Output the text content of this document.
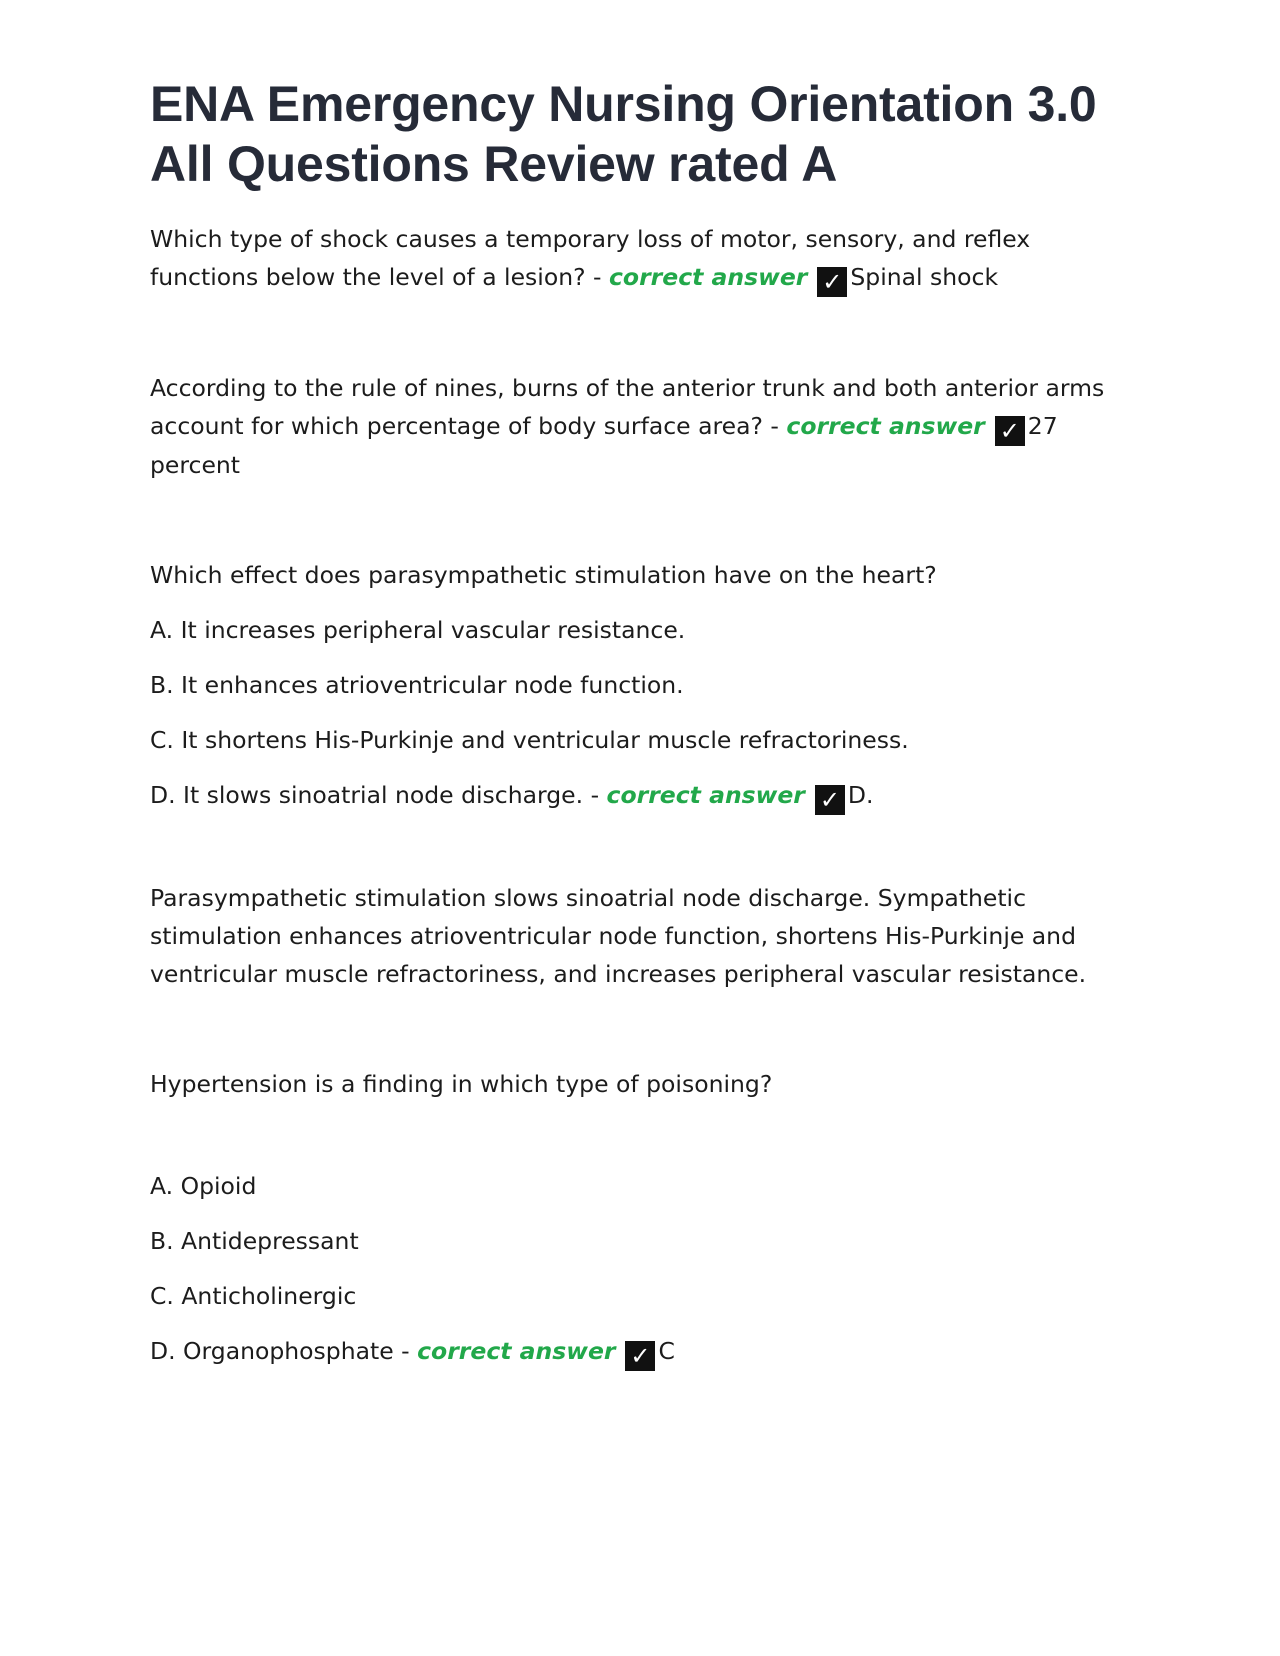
ENA Emergency Nursing Orientation 3.0 All Questions Review rated A

Which type of shock causes a temporary loss of motor, sensory, and reflex functions below the level of a lesion? - correct answer ✓ Spinal shock

According to the rule of nines, burns of the anterior trunk and both anterior arms account for which percentage of body surface area? - correct answer ✓ 27 percent

Which effect does parasympathetic stimulation have on the heart?

A. It increases peripheral vascular resistance.

B. It enhances atrioventricular node function.

C. It shortens His-Purkinje and ventricular muscle refractoriness.

D. It slows sinoatrial node discharge. - correct answer ✓ D.

Parasympathetic stimulation slows sinoatrial node discharge. Sympathetic stimulation enhances atrioventricular node function, shortens His-Purkinje and ventricular muscle refractoriness, and increases peripheral vascular resistance.

Hypertension is a finding in which type of poisoning?

A. Opioid

B. Antidepressant

C. Anticholinergic

D. Organophosphate - correct answer ✓ C
